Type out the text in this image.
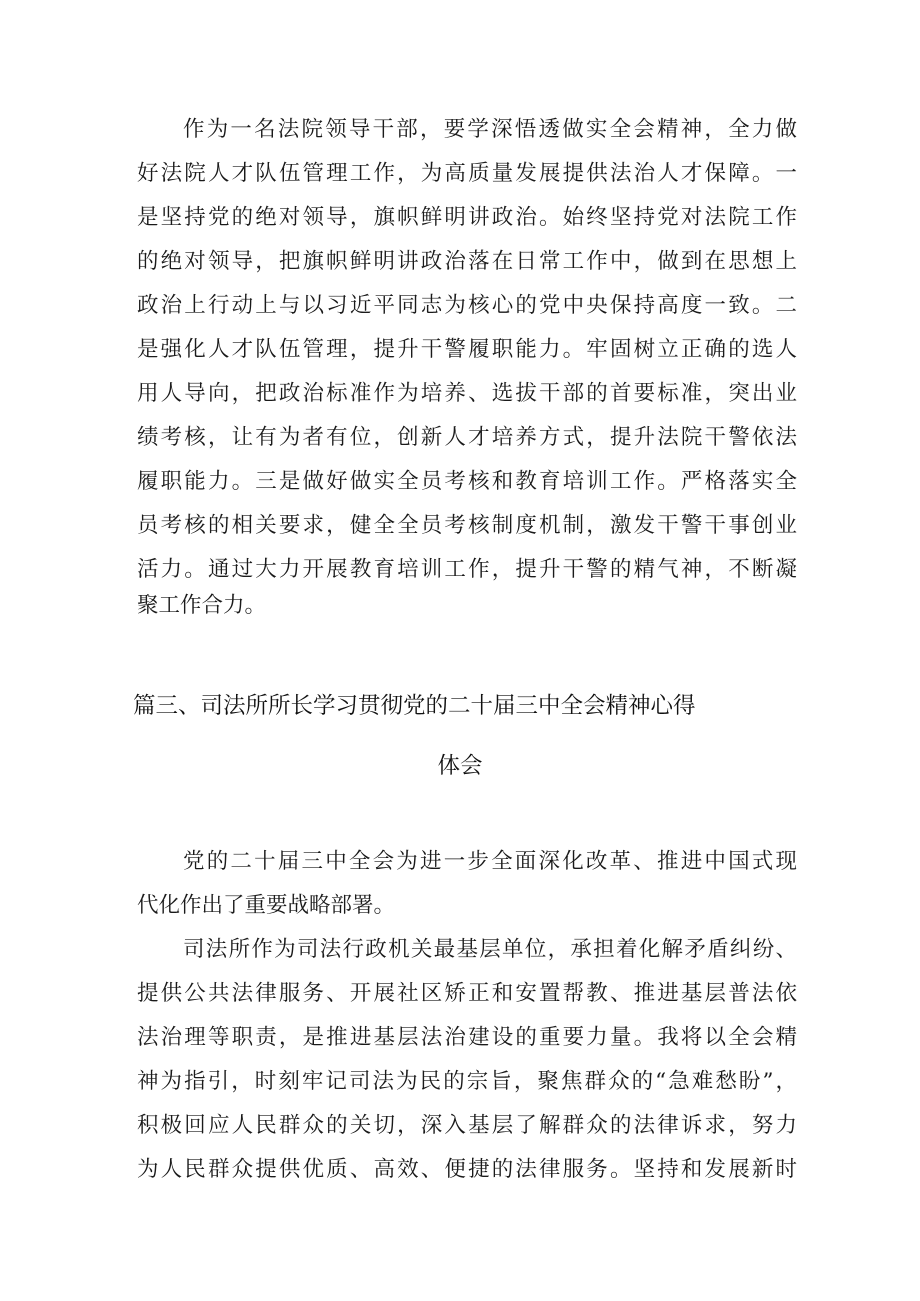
作为一名法院领导干部，要学深悟透做实全会精神，全力做
好法院人才队伍管理工作，为高质量发展提供法治人才保障。一
是坚持党的绝对领导，旗帜鲜明讲政治。始终坚持党对法院工作
的绝对领导，把旗帜鲜明讲政治落在日常工作中，做到在思想上
政治上行动上与以习近平同志为核心的党中央保持高度一致。二
是强化人才队伍管理，提升干警履职能力。牢固树立正确的选人
用人导向，把政治标准作为培养、选拔干部的首要标准，突出业
绩考核，让有为者有位，创新人才培养方式，提升法院干警依法
履职能力。三是做好做实全员考核和教育培训工作。严格落实全
员考核的相关要求，健全全员考核制度机制，激发干警干事创业
活力。通过大力开展教育培训工作，提升干警的精气神，不断凝
聚工作合力。
篇三、司法所所长学习贯彻党的二十届三中全会精神心得
体会
党的二十届三中全会为进一步全面深化改革、推进中国式现
代化作出了重要战略部署。
司法所作为司法行政机关最基层单位，承担着化解矛盾纠纷、
提供公共法律服务、开展社区矫正和安置帮教、推进基层普法依
法治理等职责，是推进基层法治建设的重要力量。我将以全会精
神为指引，时刻牢记司法为民的宗旨，聚焦群众的“急难愁盼”，
积极回应人民群众的关切，深入基层了解群众的法律诉求，努力
为人民群众提供优质、高效、便捷的法律服务。坚持和发展新时
